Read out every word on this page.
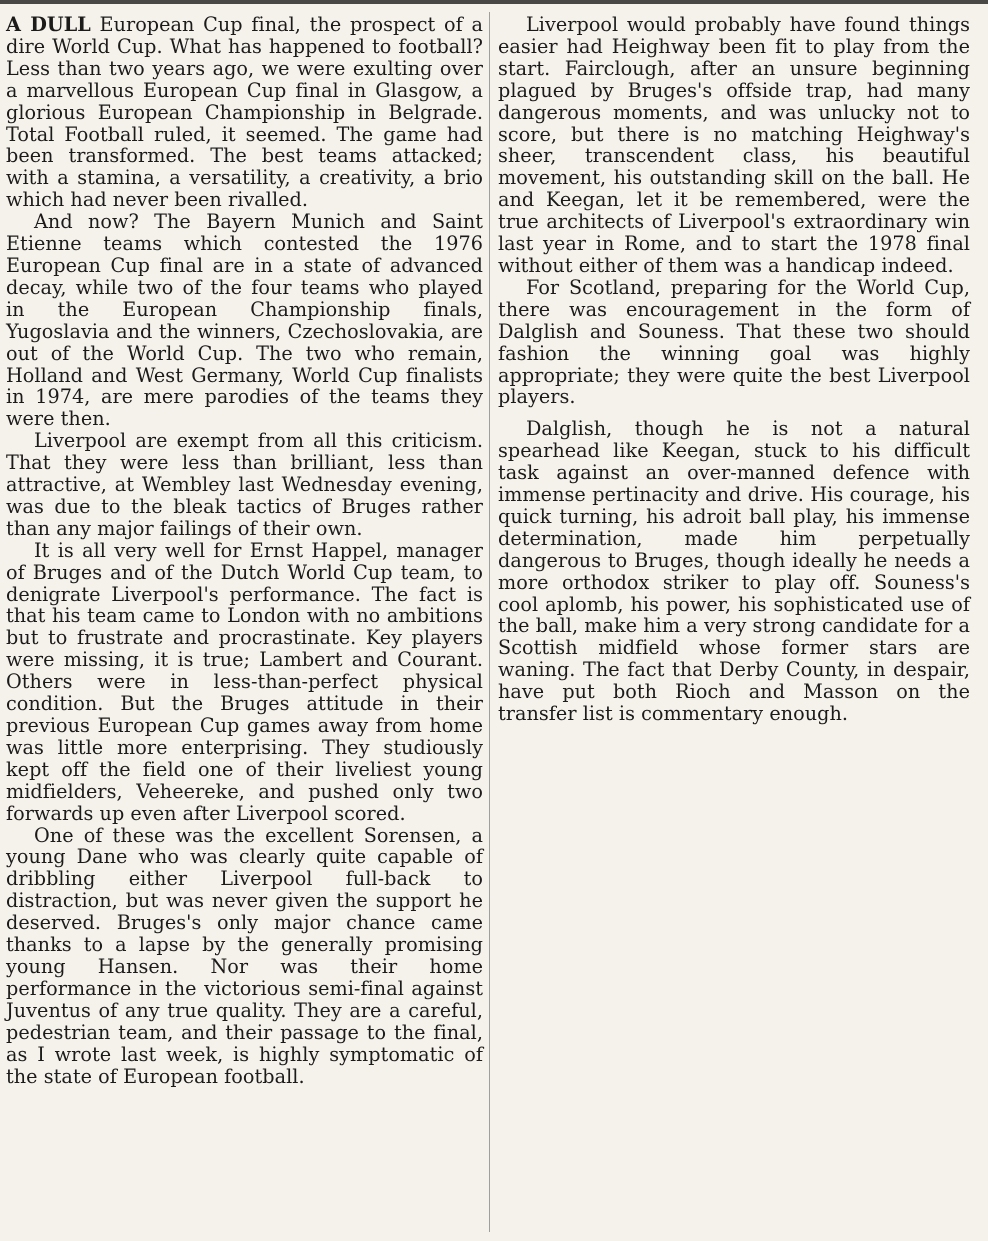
A DULL European Cup final, the prospect of a dire World Cup. What has happened to football? Less than two years ago, we were exulting over a marvellous European Cup final in Glasgow, a glorious European Championship in Belgrade. Total Football ruled, it seemed. The game had been transformed. The best teams attacked; with a stamina, a versatility, a creativity, a brio which had never been rivalled.

And now? The Bayern Munich and Saint Etienne teams which contested the 1976 European Cup final are in a state of advanced decay, while two of the four teams who played in the European Championship finals, Yugoslavia and the winners, Czechoslovakia, are out of the World Cup. The two who remain, Holland and West Germany, World Cup finalists in 1974, are mere parodies of the teams they were then.

Liverpool are exempt from all this criticism. That they were less than brilliant, less than attractive, at Wembley last Wednesday evening, was due to the bleak tactics of Bruges rather than any major failings of their own.

It is all very well for Ernst Happel, manager of Bruges and of the Dutch World Cup team, to denigrate Liverpool's performance. The fact is that his team came to London with no ambitions but to frustrate and procrastinate. Key players were missing, it is true; Lambert and Courant. Others were in less-than-perfect physical condition. But the Bruges attitude in their previous European Cup games away from home was little more enterprising. They studiously kept off the field one of their liveliest young midfielders, Veheereke, and pushed only two forwards up even after Liverpool scored.

One of these was the excellent Sorensen, a young Dane who was clearly quite capable of dribbling either Liverpool full-back to distraction, but was never given the support he deserved. Bruges's only major chance came thanks to a lapse by the generally promising young Hansen. Nor was their home performance in the victorious semi-final against Juventus of any true quality. They are a careful, pedestrian team, and their passage to the final, as I wrote last week, is highly symptomatic of the state of European football.

Liverpool would probably have found things easier had Heighway been fit to play from the start. Fairclough, after an unsure beginning plagued by Bruges's offside trap, had many dangerous moments, and was unlucky not to score, but there is no matching Heighway's sheer, transcendent class, his beautiful movement, his outstanding skill on the ball. He and Keegan, let it be remembered, were the true architects of Liverpool's extraordinary win last year in Rome, and to start the 1978 final without either of them was a handicap indeed.

For Scotland, preparing for the World Cup, there was encouragement in the form of Dalglish and Souness. That these two should fashion the winning goal was highly appropriate; they were quite the best Liverpool players.

Dalglish, though he is not a natural spearhead like Keegan, stuck to his difficult task against an over-manned defence with immense pertinacity and drive. His courage, his quick turning, his adroit ball play, his immense determination, made him perpetually dangerous to Bruges, though ideally he needs a more orthodox striker to play off. Souness's cool aplomb, his power, his sophisticated use of the ball, make him a very strong candidate for a Scottish midfield whose former stars are waning. The fact that Derby County, in despair, have put both Rioch and Masson on the transfer list is commentary enough.
